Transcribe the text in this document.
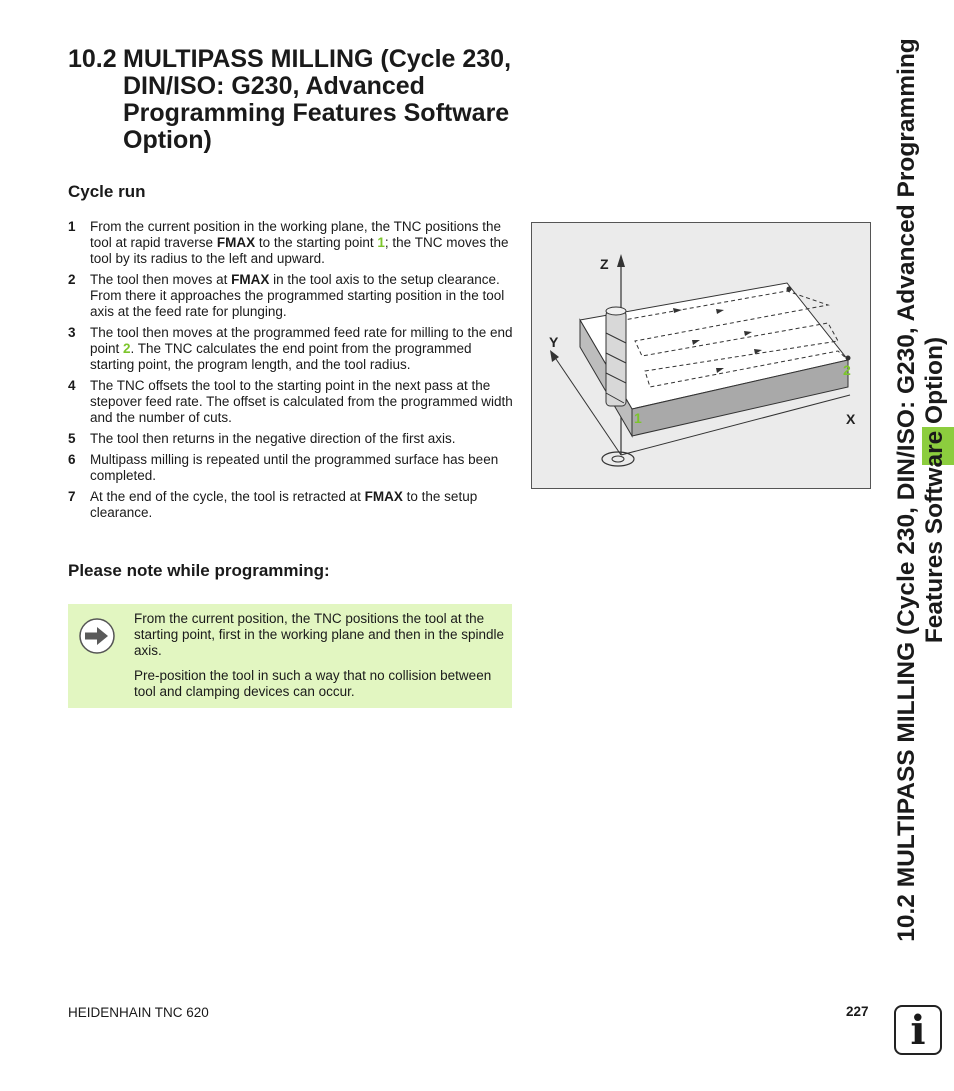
10.2 MULTIPASS MILLING (Cycle 230, DIN/ISO: G230, Advanced Programming Features Software Option)
Cycle run
1 From the current position in the working plane, the TNC positions the tool at rapid traverse FMAX to the starting point 1; the TNC moves the tool by its radius to the left and upward.
2 The tool then moves at FMAX in the tool axis to the setup clearance. From there it approaches the programmed starting position in the tool axis at the feed rate for plunging.
3 The tool then moves at the programmed feed rate for milling to the end point 2. The TNC calculates the end point from the programmed starting point, the program length, and the tool radius.
4 The TNC offsets the tool to the starting point in the next pass at the stepover feed rate. The offset is calculated from the programmed width and the number of cuts.
5 The tool then returns in the negative direction of the first axis.
6 Multipass milling is repeated until the programmed surface has been completed.
7 At the end of the cycle, the tool is retracted at FMAX to the setup clearance.
Please note while programming:

From the current position, the TNC positions the tool at the starting point, first in the working plane and then in the spindle axis.

Pre-position the tool in such a way that no collision between tool and clamping devices can occur.

Z
Y
X
1
2 10.2 MULTIPASS MILLING (Cycle 230, DIN/ISO: G230, Advanced Programming Features Software Option)
HEIDENHAIN TNC 620	227	i
